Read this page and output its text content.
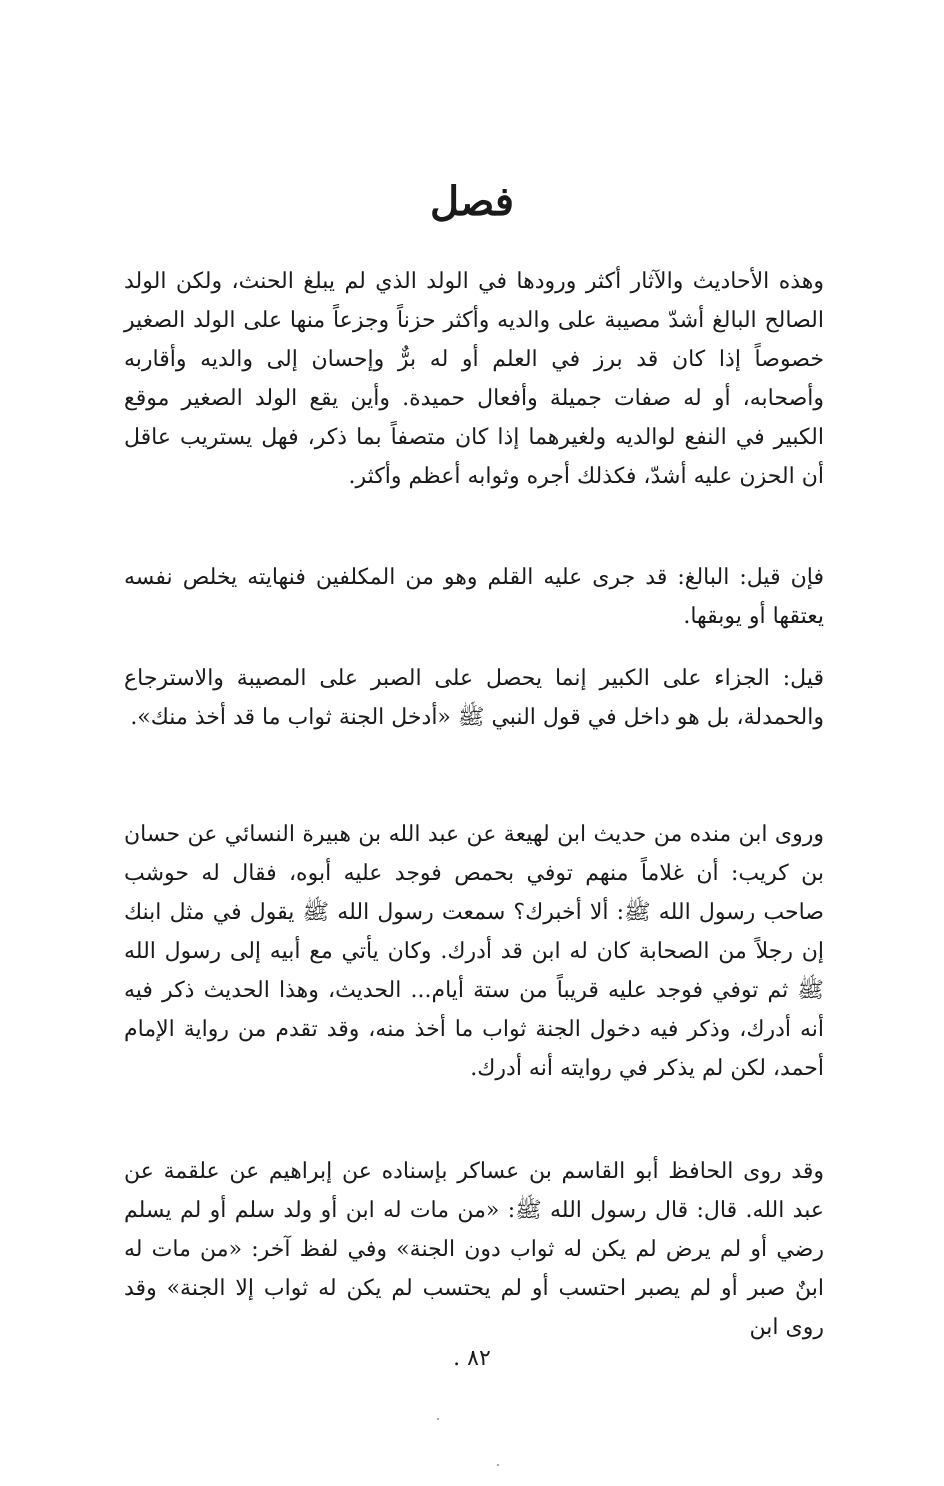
فصل

وهذه الأحاديث والآثار أكثر ورودها في الولد الذي لم يبلغ الحنث، ولكن الولد الصالح البالغ أشدّ مصيبة على والديه وأكثر حزناً وجزعاً منها على الولد الصغير خصوصاً إذا كان قد برز في العلم أو له برٌّ وإحسان إلى والديه وأقاربه وأصحابه، أو له صفات جميلة وأفعال حميدة. وأين يقع الولد الصغير موقع الكبير في النفع لوالديه ولغيرهما إذا كان متصفاً بما ذكر، فهل يستريب عاقل أن الحزن عليه أشدّ، فكذلك أجره وثوابه أعظم وأكثر.

فإن قيل: البالغ: قد جرى عليه القلم وهو من المكلفين فنهايته يخلص نفسه يعتقها أو يوبقها.

قيل: الجزاء على الكبير إنما يحصل على الصبر على المصيبة والاسترجاع والحمدلة، بل هو داخل في قول النبي ﷺ «أدخل الجنة ثواب ما قد أخذ منك».

وروى ابن منده من حديث ابن لهيعة عن عبد الله بن هبيرة النسائي عن حسان بن كريب: أن غلاماً منهم توفي بحمص فوجد عليه أبوه، فقال له حوشب صاحب رسول الله ﷺ: ألا أخبرك؟ سمعت رسول الله ﷺ يقول في مثل ابنك إن رجلاً من الصحابة كان له ابن قد أدرك. وكان يأتي مع أبيه إلى رسول الله ﷺ ثم توفي فوجد عليه قريباً من ستة أيام... الحديث، وهذا الحديث ذكر فيه أنه أدرك، وذكر فيه دخول الجنة ثواب ما أخذ منه، وقد تقدم من رواية الإمام أحمد، لكن لم يذكر في روايته أنه أدرك.

وقد روى الحافظ أبو القاسم بن عساكر بإسناده عن إبراهيم عن علقمة عن عبد الله. قال: قال رسول الله ﷺ: «من مات له ابن أو ولد سلم أو لم يسلم رضي أو لم يرض لم يكن له ثواب دون الجنة» وفي لفظ آخر: «من مات له ابنٌ صبر أو لم يصبر احتسب أو لم يحتسب لم يكن له ثواب إلا الجنة» وقد روى ابن

٨٢ .
